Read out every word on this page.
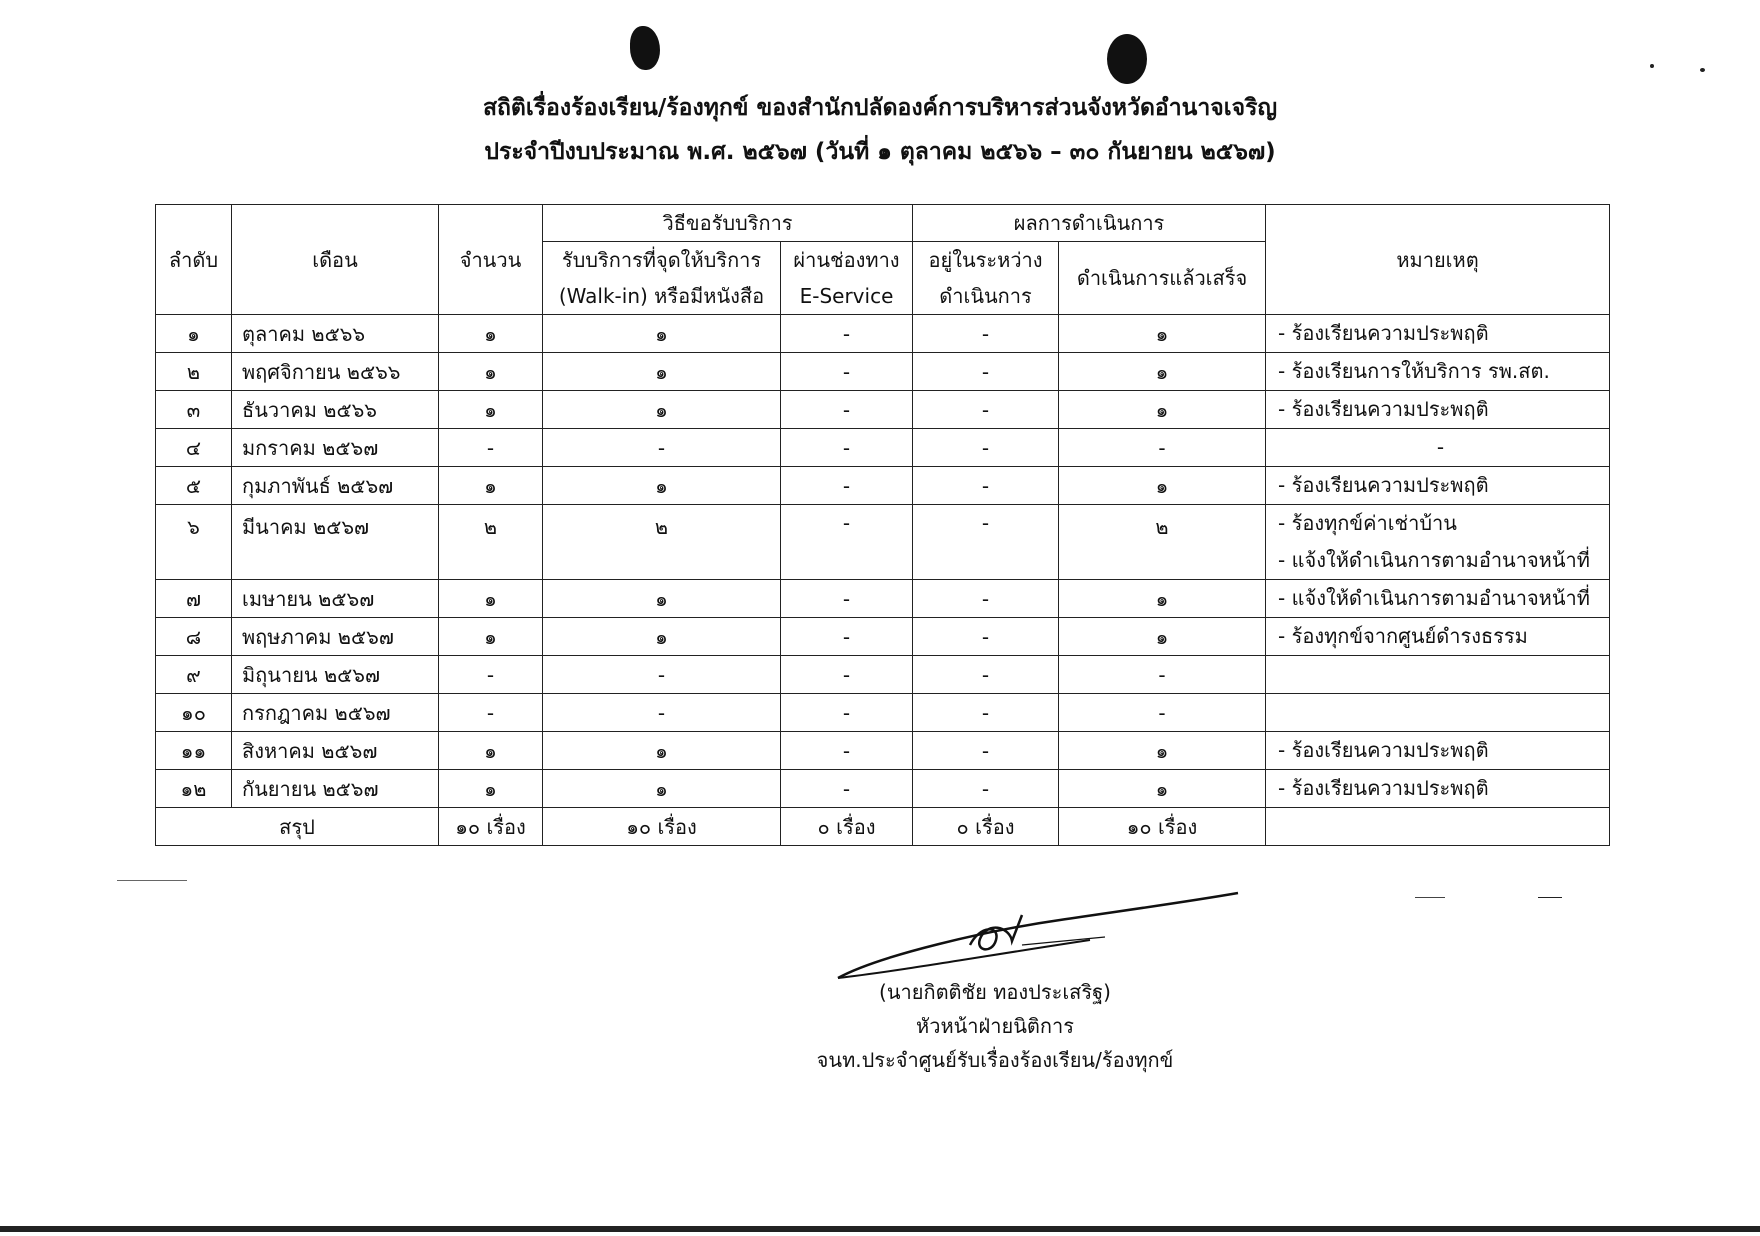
สถิติเรื่องร้องเรียน/ร้องทุกข์ ของสำนักปลัดองค์การบริหารส่วนจังหวัดอำนาจเจริญ
ประจำปีงบประมาณ พ.ศ. ๒๕๖๗ (วันที่ ๑ ตุลาคม ๒๕๖๖ – ๓๐ กันยายน ๒๕๖๗)
ลำดับ	เดือน	จำนวน	วิธีขอรับบริการ		ผลการดำเนินการ		หมายเหตุ
			รับบริการที่จุดให้บริการ	ผ่านช่องทาง	อยู่ในระหว่าง	ดำเนินการแล้วเสร็จ	
			(Walk-in) หรือมีหนังสือ	E-Service	ดำเนินการ		
๑	ตุลาคม ๒๕๖๖	๑	๑	-	-	๑	- ร้องเรียนความประพฤติ

๒	พฤศจิกายน ๒๕๖๖	๑	๑	-	-	๑	- ร้องเรียนการให้บริการ รพ.สต.

๓	ธันวาคม ๒๕๖๖	๑	๑	-	-	๑	- ร้องเรียนความประพฤติ

๔	มกราคม ๒๕๖๗	-	-	-	-	-	-

๕	กุมภาพันธ์ ๒๕๖๗	๑	๑	-	-	๑	- ร้องเรียนความประพฤติ

๖	มีนาคม ๒๕๖๗	๒	๒	-	-	๒	- ร้องทุกข์ค่าเช่าบ้าน
- แจ้งให้ดำเนินการตามอำนาจหน้าที่

๗	เมษายน ๒๕๖๗	๑	๑	-	-	๑	- แจ้งให้ดำเนินการตามอำนาจหน้าที่

๘	พฤษภาคม ๒๕๖๗	๑	๑	-	-	๑	- ร้องทุกข์จากศูนย์ดำรงธรรม

๙	มิถุนายน ๒๕๖๗	-	-	-	-	-	
๑๐	กรกฎาคม ๒๕๖๗	-	-	-	-	-	
๑๑	สิงหาคม ๒๕๖๗	๑	๑	-	-	๑	- ร้องเรียนความประพฤติ

๑๒	กันยายน ๒๕๖๗	๑	๑	-	-	๑	- ร้องเรียนความประพฤติ

สรุป		๑๐ เรื่อง	๑๐ เรื่อง	๐ เรื่อง	๐ เรื่อง	๑๐ เรื่อง	
(นายกิตติชัย ทองประเสริฐ)
หัวหน้าฝ่ายนิติการ
จนท.ประจำศูนย์รับเรื่องร้องเรียน/ร้องทุกข์
